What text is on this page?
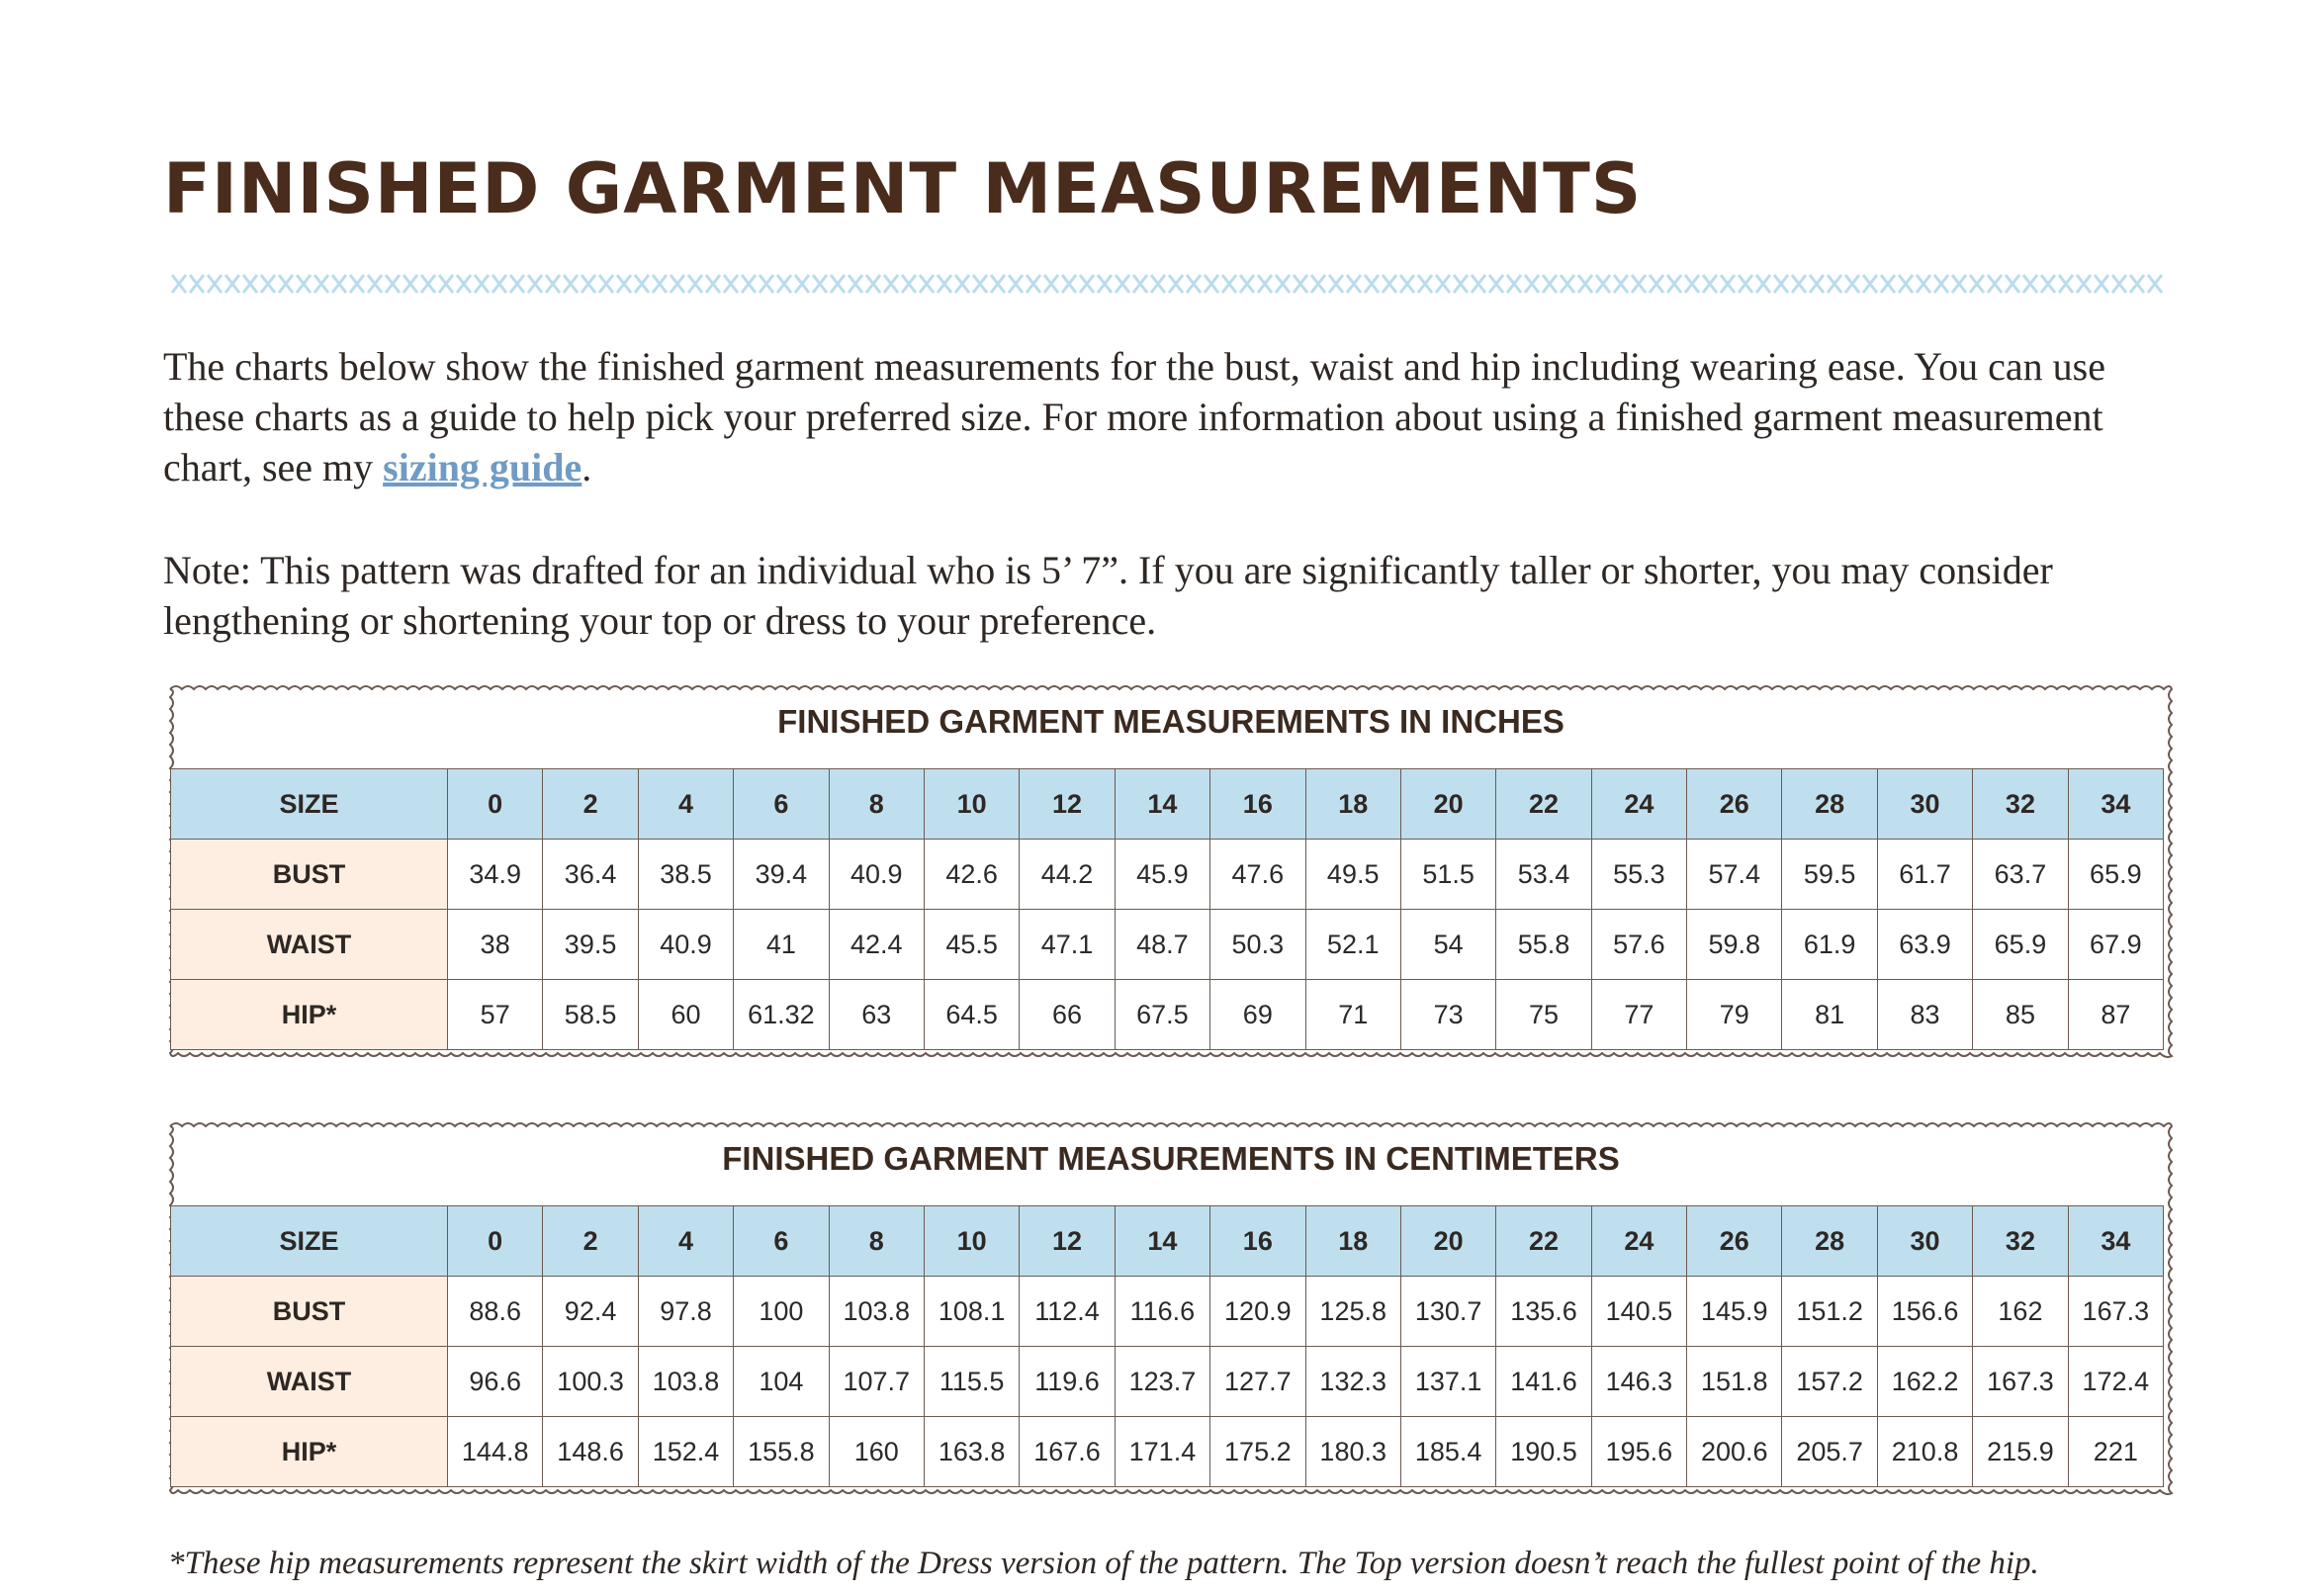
FINISHED GARMENT MEASUREMENTS

The charts below show the finished garment measurements for the bust, waist and hip including wearing ease. You can use these charts as a guide to help pick your preferred size. For more information about using a finished garment measurement chart, see my sizing guide.

Note: This pattern was drafted for an individual who is 5’ 7”. If you are significantly taller or shorter, you may consider lengthening or shortening your top or dress to your preference.

FINISHED GARMENT MEASUREMENTS IN INCHES
SIZE	0	2	4	6	8	10	12	14	16	18	20	22	24	26	28	30	32	34
BUST	34.9	36.4	38.5	39.4	40.9	42.6	44.2	45.9	47.6	49.5	51.5	53.4	55.3	57.4	59.5	61.7	63.7	65.9
WAIST	38	39.5	40.9	41	42.4	45.5	47.1	48.7	50.3	52.1	54	55.8	57.6	59.8	61.9	63.9	65.9	67.9
HIP*	57	58.5	60	61.32	63	64.5	66	67.5	69	71	73	75	77	79	81	83	85	87
FINISHED GARMENT MEASUREMENTS IN CENTIMETERS
SIZE	0	2	4	6	8	10	12	14	16	18	20	22	24	26	28	30	32	34
BUST	88.6	92.4	97.8	100	103.8	108.1	112.4	116.6	120.9	125.8	130.7	135.6	140.5	145.9	151.2	156.6	162	167.3
WAIST	96.6	100.3	103.8	104	107.7	115.5	119.6	123.7	127.7	132.3	137.1	141.6	146.3	151.8	157.2	162.2	167.3	172.4
HIP*	144.8	148.6	152.4	155.8	160	163.8	167.6	171.4	175.2	180.3	185.4	190.5	195.6	200.6	205.7	210.8	215.9	221

*These hip measurements represent the skirt width of the Dress version of the pattern. The Top version doesn’t reach the fullest point of the hip.
